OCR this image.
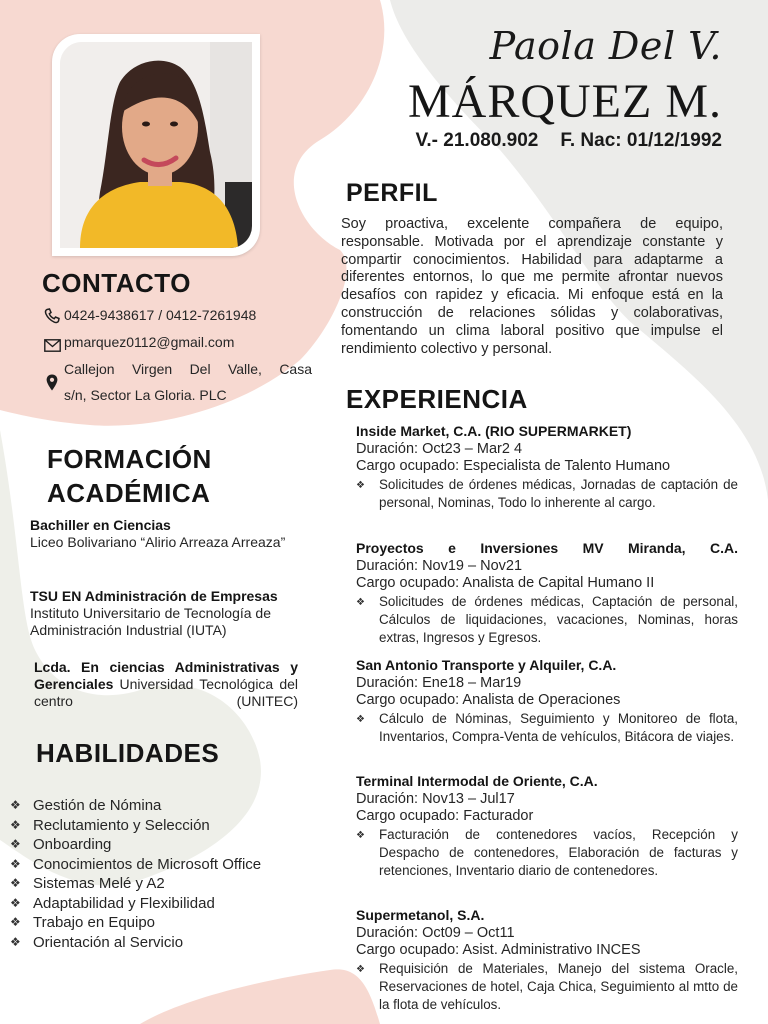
Paola Del V.
MÁRQUEZ M.
V.- 21.080.902 F. Nac: 01/12/1992
CONTACTO
0424-9438617 / 0412-7261948
pmarquez0112@gmail.com
Callejon Virgen Del Valle, Casa
s/n, Sector La Gloria. PLC
FORMACIÓN
ACADÉMICA
Bachiller en Ciencias
Liceo Bolivariano “Alirio Arreaza Arreaza”
TSU EN Administración de Empresas
Instituto Universitario de Tecnología de Administración Industrial (IUTA)
Lcda. En ciencias Administrativas y Gerenciales Universidad Tecnológica del centro (UNITEC)
HABILIDADES
❖ Gestión de Nómina
❖ Reclutamiento y Selección
❖ Onboarding
❖ Conocimientos de Microsoft Office
❖ Sistemas Melé y A2
❖ Adaptabilidad y Flexibilidad
❖ Trabajo en Equipo
❖ Orientación al Servicio
PERFIL
Soy proactiva, excelente compañera de equipo, responsable. Motivada por el aprendizaje constante y compartir conocimientos. Habilidad para adaptarme a diferentes entornos, lo que me permite afrontar nuevos desafíos con rapidez y eficacia. Mi enfoque está en la construcción de relaciones sólidas y colaborativas, fomentando un clima laboral positivo que impulse el rendimiento colectivo y personal.
EXPERIENCIA
Inside Market, C.A. (RIO SUPERMARKET)
Duración: Oct23 – Mar2 4
Cargo ocupado: Especialista de Talento Humano
❖	Solicitudes de órdenes médicas, Jornadas de captación de personal, Nominas, Todo lo inherente al cargo.
Proyectos e Inversiones MV Miranda, C.A.
Duración: Nov19 – Nov21
Cargo ocupado: Analista de Capital Humano II
❖	Solicitudes de órdenes médicas, Captación de personal, Cálculos de liquidaciones, vacaciones, Nominas, horas extras, Ingresos y Egresos.
San Antonio Transporte y Alquiler, C.A.
Duración: Ene18 – Mar19
Cargo ocupado: Analista de Operaciones
❖	Cálculo de Nóminas, Seguimiento y Monitoreo de flota, Inventarios, Compra-Venta de vehículos, Bitácora de viajes.
Terminal Intermodal de Oriente, C.A.
Duración: Nov13 – Jul17
Cargo ocupado: Facturador
❖	Facturación de contenedores vacíos, Recepción y Despacho de contenedores, Elaboración de facturas y retenciones, Inventario diario de contenedores.
Supermetanol, S.A.
Duración: Oct09 – Oct11
Cargo ocupado: Asist. Administrativo INCES
❖	Requisición de Materiales, Manejo del sistema Oracle, Reservaciones de hotel, Caja Chica, Seguimiento al mtto de la flota de vehículos.
